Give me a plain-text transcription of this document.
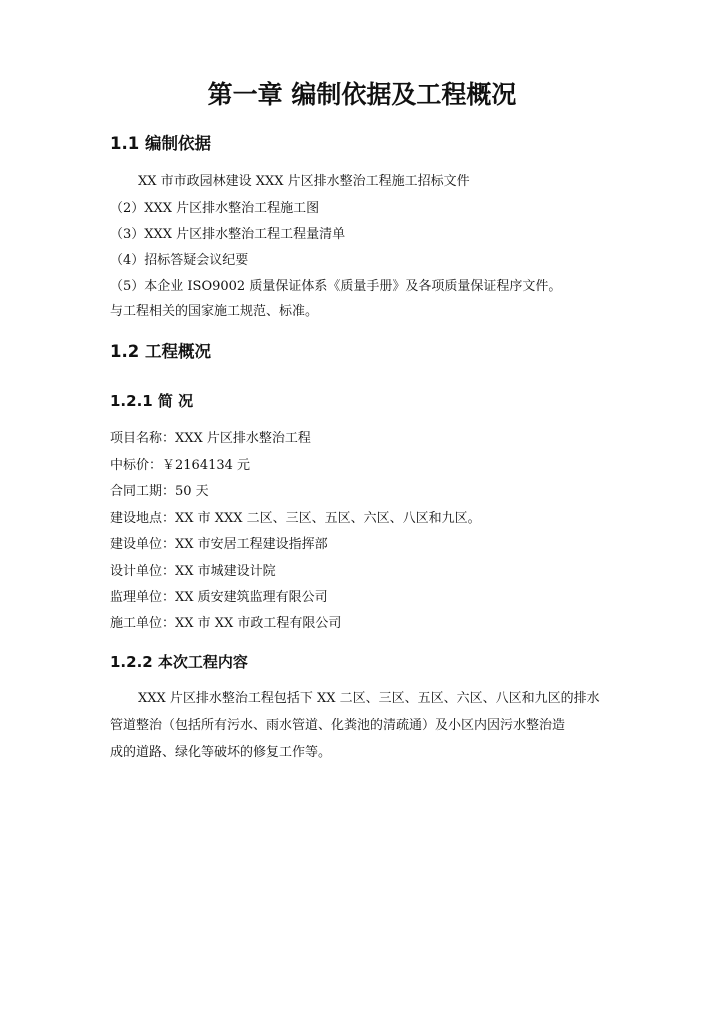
第一章 编制依据及工程概况
1.1 编制依据
XX 市市政园林建设 XXX 片区排水整治工程施工招标文件
（2）XXX 片区排水整治工程施工图
（3）XXX 片区排水整治工程工程量清单
（4）招标答疑会议纪要
（5）本企业 ISO9002 质量保证体系《质量手册》及各项质量保证程序文件。
与工程相关的国家施工规范、标准。
1.2 工程概况
1.2.1 简 况
项目名称：XXX 片区排水整治工程
中标价：￥2164134 元
合同工期：50 天
建设地点：XX 市 XXX 二区、三区、五区、六区、八区和九区。
建设单位：XX 市安居工程建设指挥部
设计单位：XX 市城建设计院
监理单位：XX 质安建筑监理有限公司
施工单位：XX 市 XX 市政工程有限公司
1.2.2 本次工程内容
XXX 片区排水整治工程包括下 XX 二区、三区、五区、六区、八区和九区的排水
管道整治（包括所有污水、雨水管道、化粪池的清疏通）及小区内因污水整治造
成的道路、绿化等破坏的修复工作等。
